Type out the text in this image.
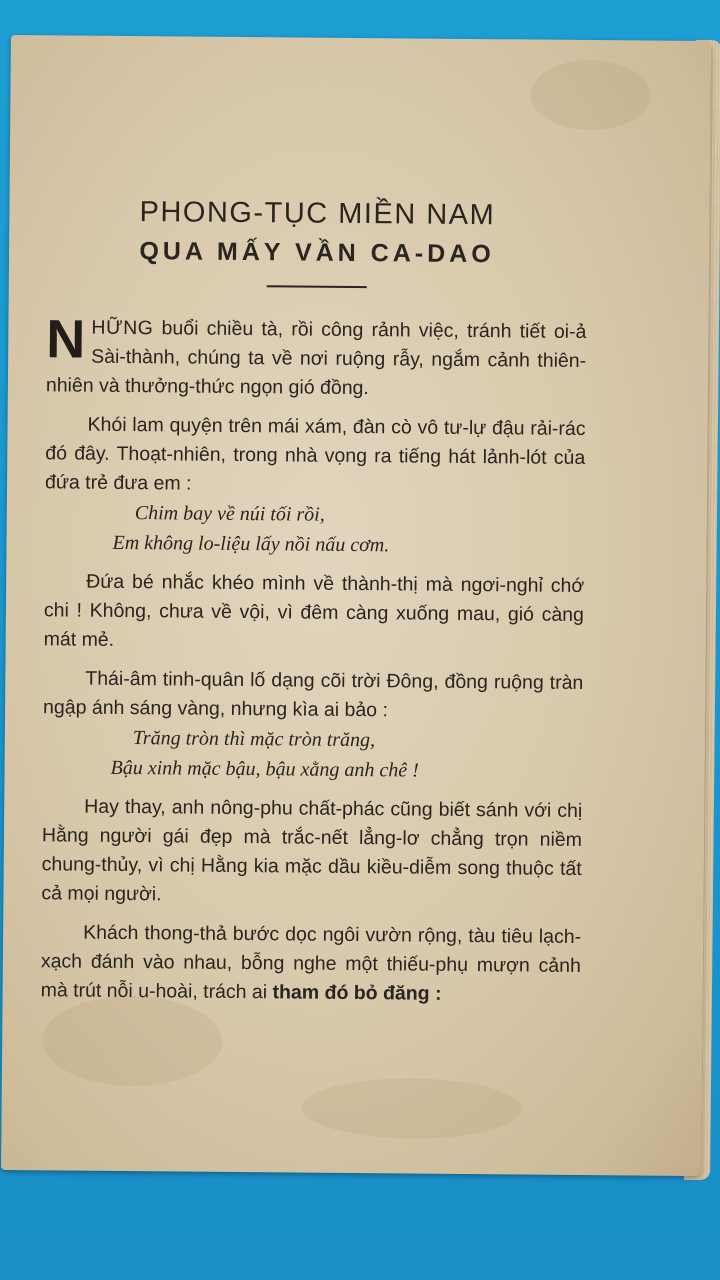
PHONG-TỤC MIỀN NAM
QUA MẤY VẦN CA-DAO

NHỮNG buổi chiều tà, rồi công rảnh việc, tránh tiết oi-ả Sài-thành, chúng ta về nơi ruộng rẫy, ngắm cảnh thiên-nhiên và thưởng-thức ngọn gió đồng.

Khói lam quyện trên mái xám, đàn cò vô tư-lự đậu rải-rác đó đây. Thoạt-nhiên, trong nhà vọng ra tiếng hát lảnh-lót của đứa trẻ đưa em :

Chim bay về núi tối rồi,

Em không lo-liệu lấy nồi nấu cơm.

Đứa bé nhắc khéo mình về thành-thị mà ngơi-nghỉ chớ chi ! Không, chưa về vội, vì đêm càng xuống mau, gió càng mát mẻ.

Thái-âm tinh-quân lố dạng cõi trời Đông, đồng ruộng tràn ngập ánh sáng vàng, nhưng kìa ai bảo :

Trăng tròn thì mặc tròn trăng,

Bậu xinh mặc bậu, bậu xằng anh chê !

Hay thay, anh nông-phu chất-phác cũng biết sánh với chị Hằng người gái đẹp mà trắc-nết lẳng-lơ chẳng trọn niềm chung-thủy, vì chị Hằng kia mặc dầu kiều-diễm song thuộc tất cả mọi người.

Khách thong-thả bước dọc ngôi vườn rộng, tàu tiêu lạch-xạch đánh vào nhau, bỗng nghe một thiếu-phụ mượn cảnh mà trút nỗi u-hoài, trách ai tham đó bỏ đăng :
